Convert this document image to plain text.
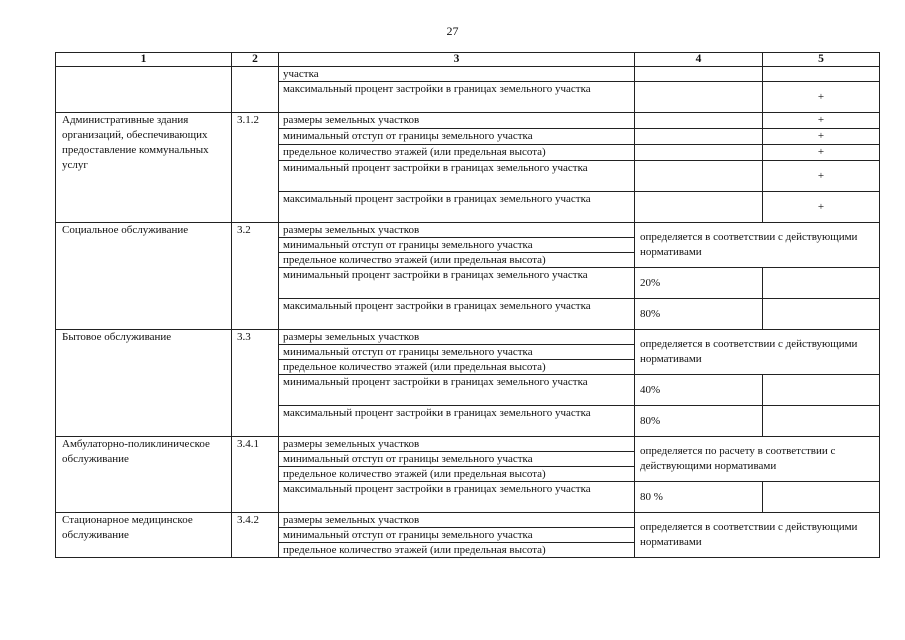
27
1	2	3	4	5
		участка		
		максимальный процент застройки в границах земельного участка		+
Административные здания организаций, обеспечивающих предоставление коммунальных услуг	3.1.2	размеры земельных участков		+
		минимальный отступ от границы земельного участка		+
		предельное количество этажей (или предельная высота)		+
		минимальный процент застройки в границах земельного участка		+
		максимальный процент застройки в границах земельного участка		+
Социальное обслуживание	3.2	размеры земельных участков	определяется в соответствии с действующими нормативами	
		минимальный отступ от границы земельного участка		
		предельное количество этажей (или предельная высота)		
		минимальный процент застройки в границах земельного участка	20%	
		максимальный процент застройки в границах земельного участка	80%	
Бытовое обслуживание	3.3	размеры земельных участков	определяется в соответствии с действующими нормативами	
		минимальный отступ от границы земельного участка		
		предельное количество этажей (или предельная высота)		
		минимальный процент застройки в границах земельного участка	40%	
		максимальный процент застройки в границах земельного участка	80%	
Амбулаторно-поликлиническое обслуживание	3.4.1	размеры земельных участков	определяется по расчету в соответствии с действующими нормативами	
		минимальный отступ от границы земельного участка		
		предельное количество этажей (или предельная высота)		
		максимальный процент застройки в границах земельного участка	80 %	
Стационарное медицинское обслуживание	3.4.2	размеры земельных участков	определяется в соответствии с действующими нормативами	
		минимальный отступ от границы земельного участка		
		предельное количество этажей (или предельная высота)		
